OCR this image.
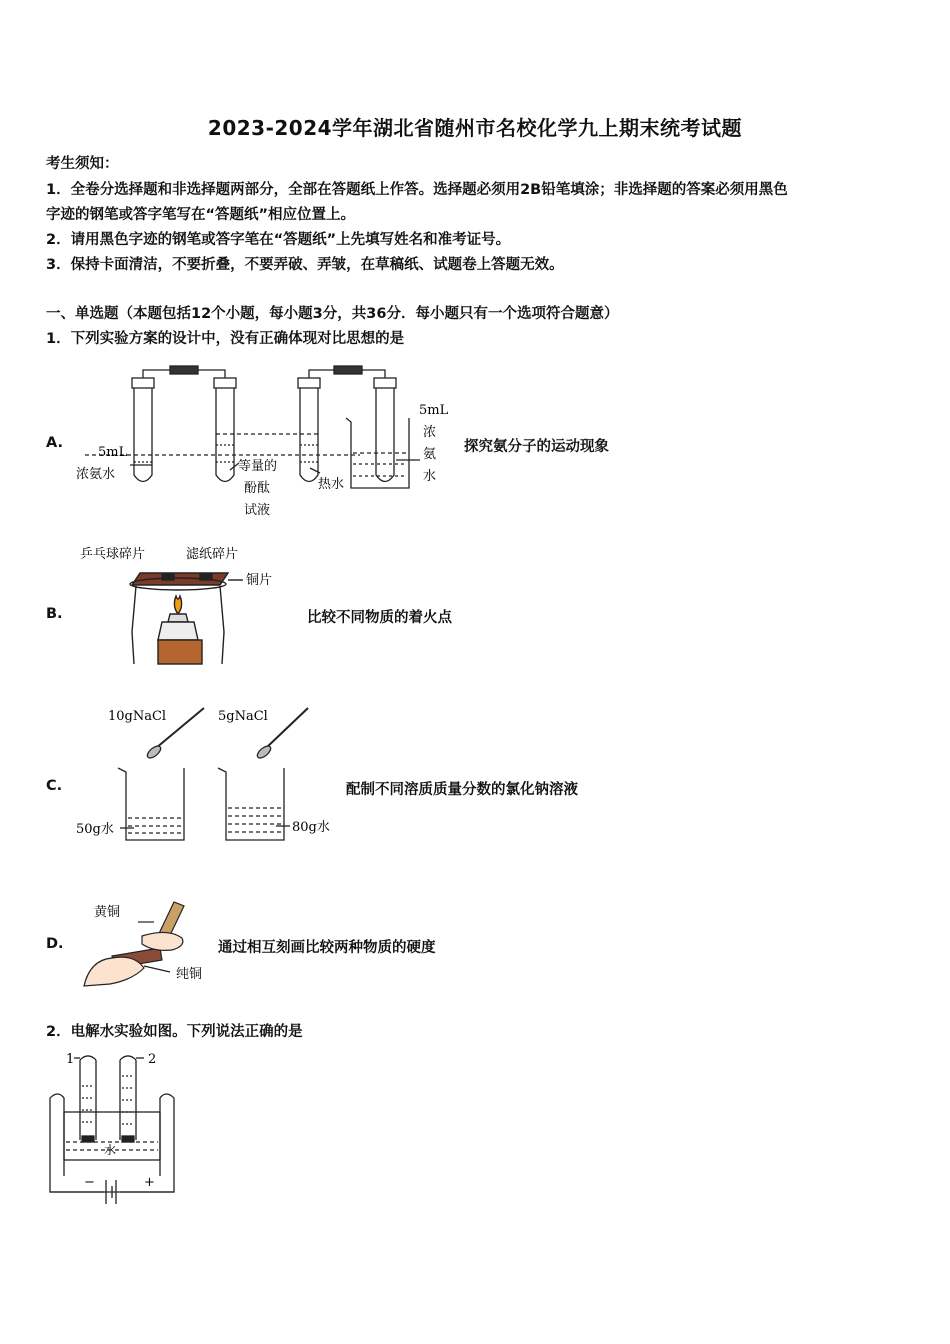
2023-2024学年湖北省随州市名校化学九上期末统考试题
考生须知：
1．全卷分选择题和非选择题两部分，全部在答题纸上作答。选择题必须用2B铅笔填涂；非选择题的答案必须用黑色
字迹的钢笔或答字笔写在“答题纸”相应位置上。
2．请用黑色字迹的钢笔或答字笔在“答题纸”上先填写姓名和准考证号。
3．保持卡面清洁，不要折叠，不要弄破、弄皱，在草稿纸、试题卷上答题无效。
一、单选题（本题包括12个小题，每小题3分，共36分．每小题只有一个选项符合题意）
1．下列实验方案的设计中，没有正确体现对比思想的是
A.
5mL
浓氨水
等量的
酚酞
试液
热水
5mL
浓
氨
水
探究氨分子的运动现象
B.
乒乓球碎片	滤纸碎片
铜片
比较不同物质的着火点
C.
10gNaCl	5gNaCl
50g水	80g水
配制不同溶质质量分数的氯化钠溶液
D.
黄铜
纯铜
通过相互刻画比较两种物质的硬度
2．电解水实验如图。下列说法正确的是
1	2
水
−	+
